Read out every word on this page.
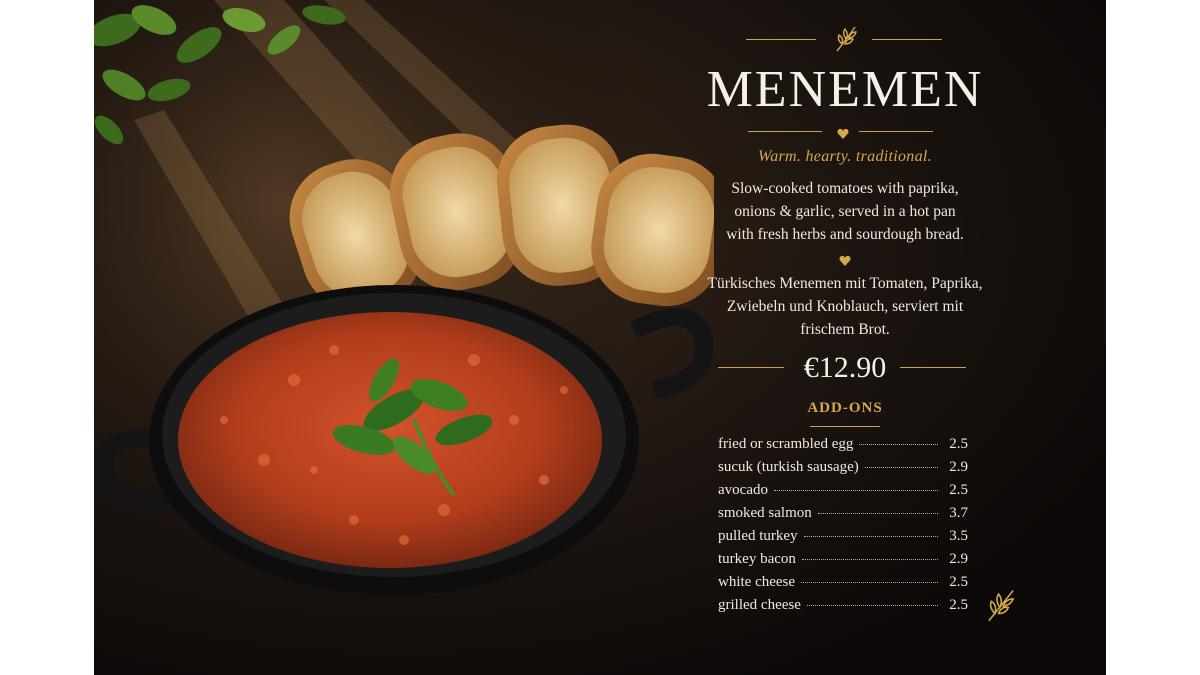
MENEMEN
Warm. hearty. traditional.
Slow-cooked tomatoes with paprika,
onions & garlic, served in a hot pan
with fresh herbs and sourdough bread.
Türkisches Menemen mit Tomaten, Paprika,
Zwiebeln und Knoblauch, serviert mit
frischem Brot.
€12.90
ADD-ONS
fried or scrambled egg	2.5
sucuk (turkish sausage)	2.9
avocado	2.5
smoked salmon	3.7
pulled turkey	3.5
turkey bacon	2.9
white cheese	2.5
grilled cheese	2.5
